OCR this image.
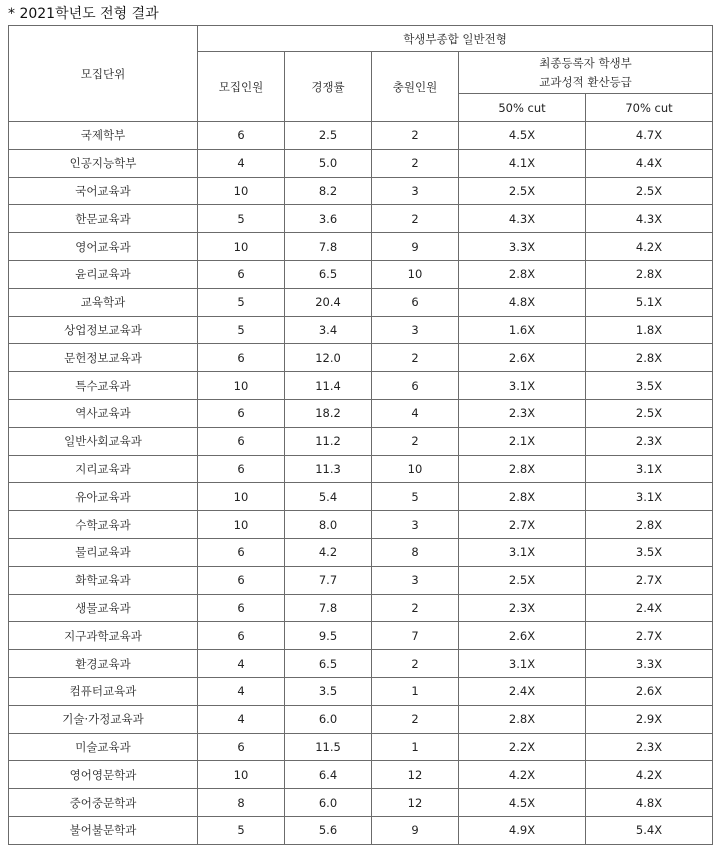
* 2021학년도 전형 결과
모집단위	학생부종합 일반전형				
	모집인원	경쟁률	충원인원	최종등록자 학생부
교과성적 환산등급	

				50% cut	70% cut
국제학부	6	2.5	2	4.5X	4.7X
인공지능학부	4	5.0	2	4.1X	4.4X
국어교육과	10	8.2	3	2.5X	2.5X
한문교육과	5	3.6	2	4.3X	4.3X
영어교육과	10	7.8	9	3.3X	4.2X
윤리교육과	6	6.5	10	2.8X	2.8X
교육학과	5	20.4	6	4.8X	5.1X
상업정보교육과	5	3.4	3	1.6X	1.8X
문헌정보교육과	6	12.0	2	2.6X	2.8X
특수교육과	10	11.4	6	3.1X	3.5X
역사교육과	6	18.2	4	2.3X	2.5X
일반사회교육과	6	11.2	2	2.1X	2.3X
지리교육과	6	11.3	10	2.8X	3.1X
유아교육과	10	5.4	5	2.8X	3.1X
수학교육과	10	8.0	3	2.7X	2.8X
물리교육과	6	4.2	8	3.1X	3.5X
화학교육과	6	7.7	3	2.5X	2.7X
생물교육과	6	7.8	2	2.3X	2.4X
지구과학교육과	6	9.5	7	2.6X	2.7X
환경교육과	4	6.5	2	3.1X	3.3X
컴퓨터교육과	4	3.5	1	2.4X	2.6X
기술·가정교육과	4	6.0	2	2.8X	2.9X
미술교육과	6	11.5	1	2.2X	2.3X
영어영문학과	10	6.4	12	4.2X	4.2X
중어중문학과	8	6.0	12	4.5X	4.8X
불어불문학과	5	5.6	9	4.9X	5.4X
